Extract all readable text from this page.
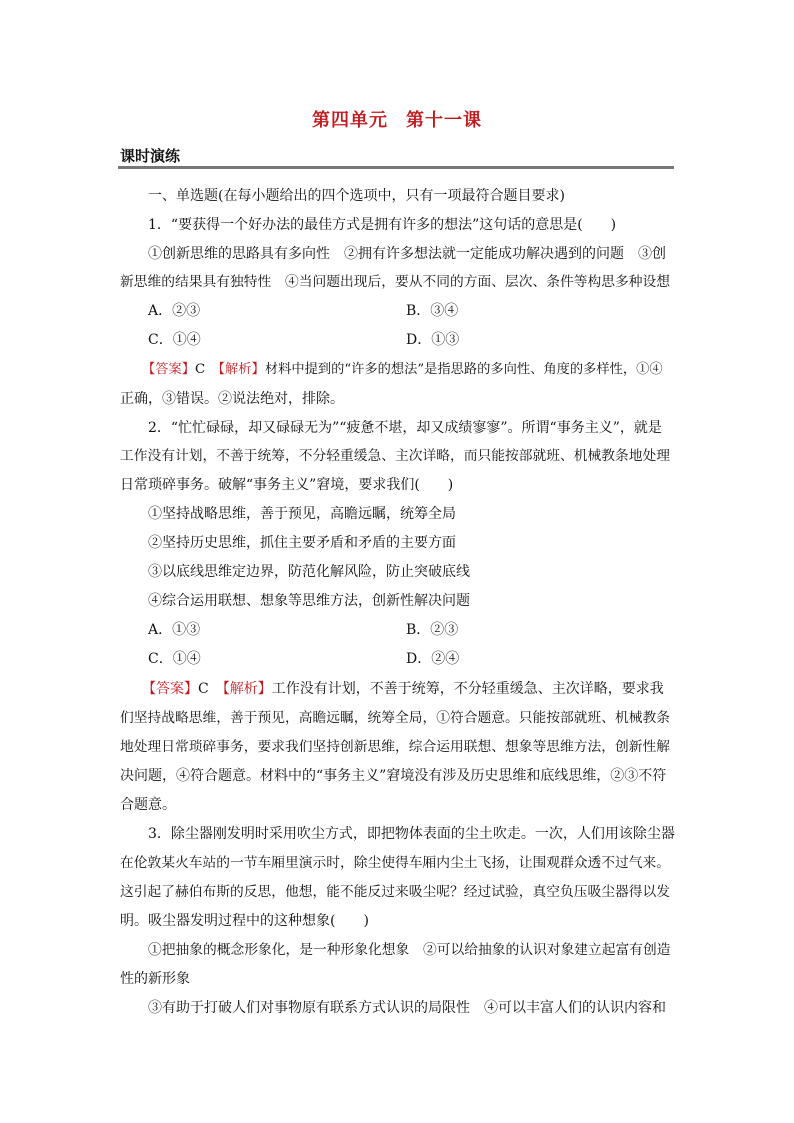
第四单元 第十一课
课时演练
一、单选题(在每小题给出的四个选项中，只有一项最符合题目要求)
1．“要获得一个好办法的最佳方式是拥有许多的想法”这句话的意思是(　　)
①创新思维的思路具有多向性　②拥有许多想法就一定能成功解决遇到的问题　③创
新思维的结果具有独特性　④当问题出现后，要从不同的方面、层次、条件等构思多种设想
A．②③	B．③④
C．①④	D．①③
【答案】C　 【解析】材料中提到的“许多的想法”是指思路的多向性、角度的多样性，①④
正确，③错误。②说法绝对，排除。
2．“忙忙碌碌，却又碌碌无为”“疲惫不堪，却又成绩寥寥”。所谓“事务主义”，就是
工作没有计划，不善于统筹，不分轻重缓急、主次详略，而只能按部就班、机械教条地处理
日常琐碎事务。破解“事务主义”窘境，要求我们(　　)
①坚持战略思维，善于预见，高瞻远瞩，统筹全局
②坚持历史思维，抓住主要矛盾和矛盾的主要方面
③以底线思维定边界，防范化解风险，防止突破底线
④综合运用联想、想象等思维方法，创新性解决问题
A．①③	B．②③
C．①④	D．②④
【答案】C　 【解析】工作没有计划，不善于统筹，不分轻重缓急、主次详略，要求我
们坚持战略思维，善于预见，高瞻远瞩，统筹全局，①符合题意。只能按部就班、机械教条
地处理日常琐碎事务，要求我们坚持创新思维，综合运用联想、想象等思维方法，创新性解
决问题，④符合题意。材料中的“事务主义”窘境没有涉及历史思维和底线思维，②③不符
合题意。
3．除尘器刚发明时采用吹尘方式，即把物体表面的尘土吹走。一次，人们用该除尘器
在伦敦某火车站的一节车厢里演示时，除尘使得车厢内尘土飞扬，让围观群众透不过气来。
这引起了赫伯布斯的反思，他想，能不能反过来吸尘呢？经过试验，真空负压吸尘器得以发
明。吸尘器发明过程中的这种想象(　　)
①把抽象的概念形象化，是一种形象化想象　②可以给抽象的认识对象建立起富有创造
性的新形象
③有助于打破人们对事物原有联系方式认识的局限性　④可以丰富人们的认识内容和
